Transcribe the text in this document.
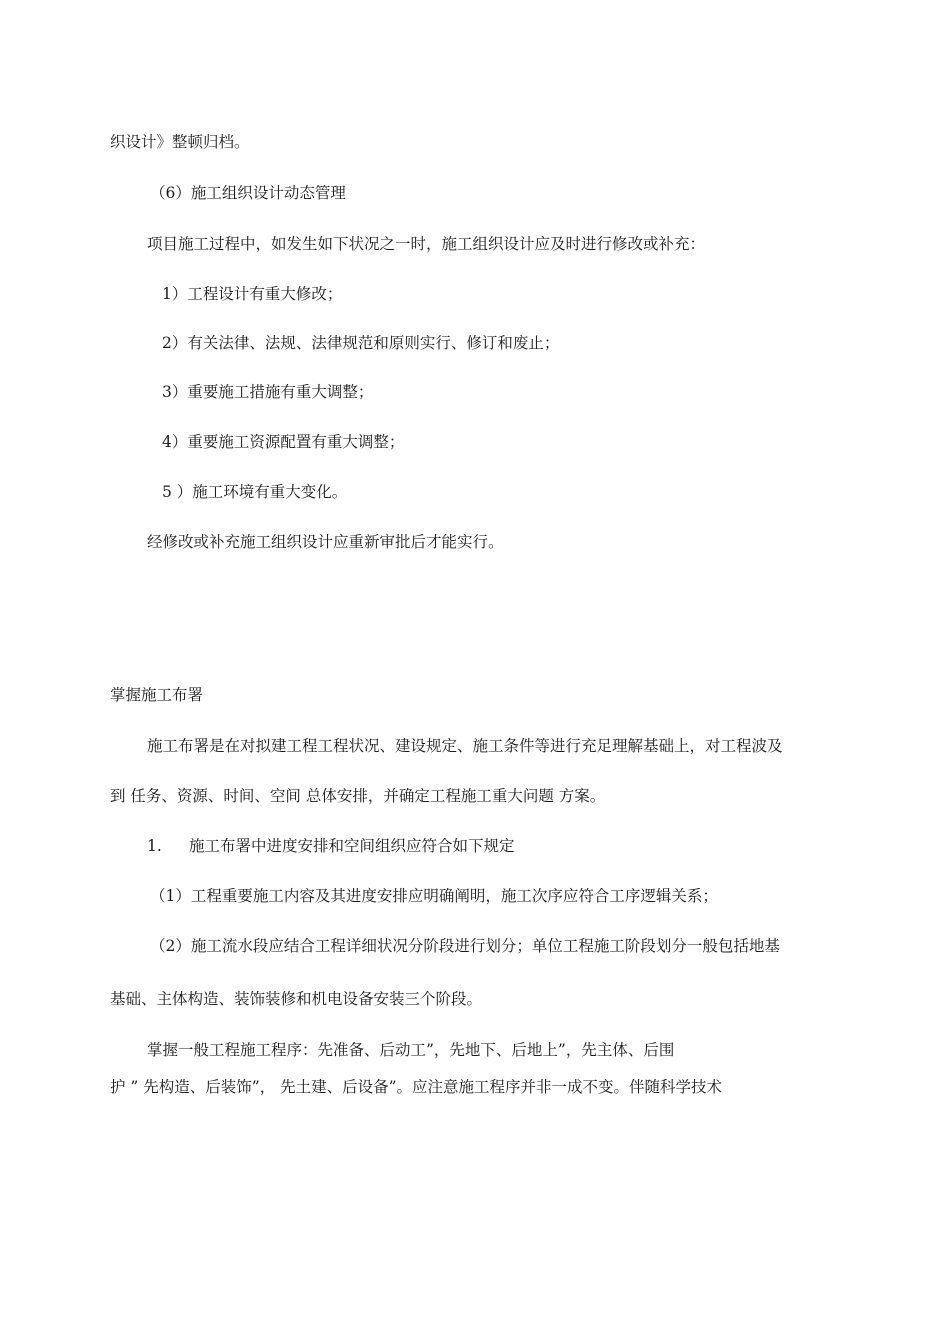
织设计》整顿归档。
（6）施工组织设计动态管理
项目施工过程中，如发生如下状况之一时，施工组织设计应及时进行修改或补充：
1）工程设计有重大修改；
2）有关法律、法规、法律规范和原则实行、修订和废止；
3）重要施工措施有重大调整；
4）重要施工资源配置有重大调整；
5 ）施工环境有重大变化。
经修改或补充施工组织设计应重新审批后才能实行。
掌握施工布署
施工布署是在对拟建工程工程状况、建设规定、施工条件等进行充足理解基础上，对工程波及
到 任务、资源、时间、空间 总体安排，并确定工程施工重大问题 方案。
1. 施工布署中进度安排和空间组织应符合如下规定
（1）工程重要施工内容及其进度安排应明确阐明，施工次序应符合工序逻辑关系；
（2）施工流水段应结合工程详细状况分阶段进行划分；单位工程施工阶段划分一般包括地基
基础、主体构造、装饰装修和机电设备安装三个阶段。
掌握一般工程施工程序：先准备、后动工”，先地下、后地上”，先主体、后围
护 ” 先构造、后装饰”， 先土建、后设备”。应注意施工程序并非一成不变。伴随科学技术
